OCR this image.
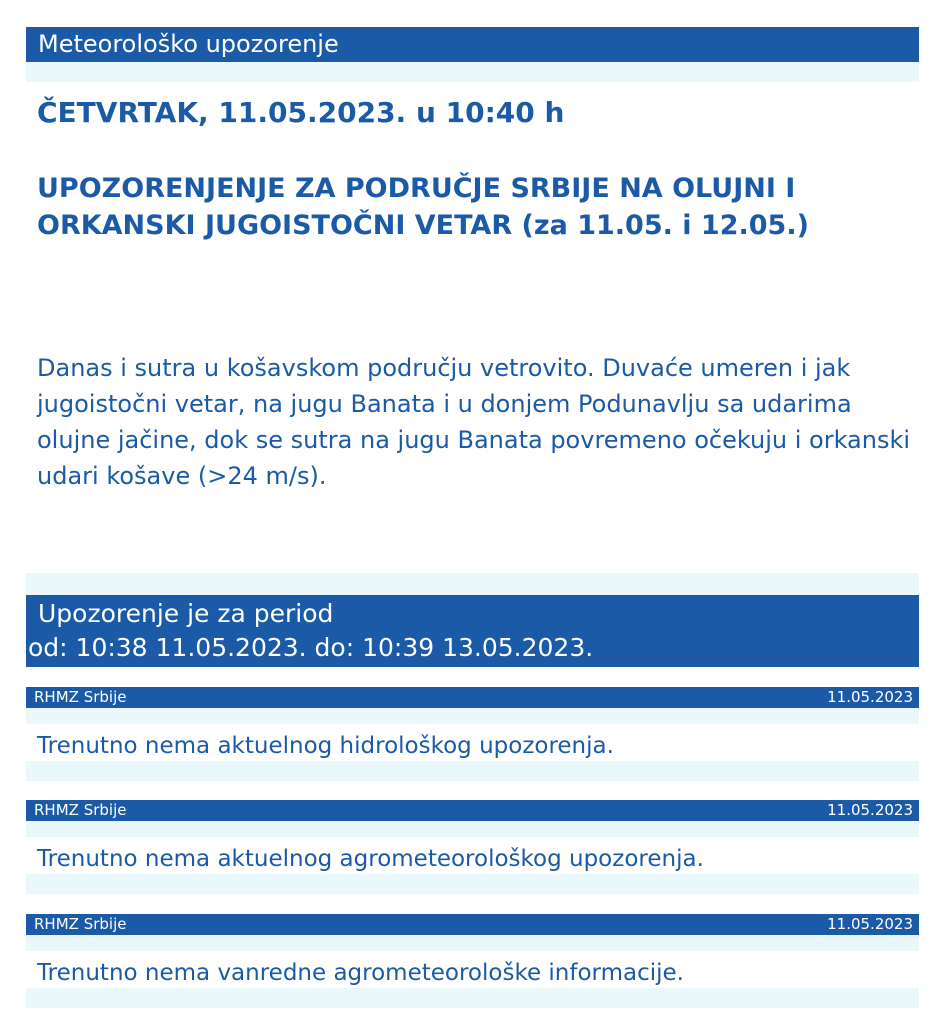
Meteorološko upozorenje
ČETVRTAK, 11.05.2023. u 10:40 h
UPOZORENJENJE ZA PODRUČJE SRBIJE NA OLUJNI I ORKANSKI JUGOISTOČNI VETAR (za 11.05. i 12.05.)
Danas i sutra u košavskom području vetrovito. Duvaće umeren i jak jugoistočni vetar, na jugu Banata i u donjem Podunavlju sa udarima olujne jačine, dok se sutra na jugu Banata povremeno očekuju i orkanski udari košave (>24 m/s).
Upozorenje je za period
od: 10:38 11.05.2023. do: 10:39 13.05.2023.
RHMZ Srbije	11.05.2023
Trenutno nema aktuelnog hidrološkog upozorenja.
RHMZ Srbije	11.05.2023
Trenutno nema aktuelnog agrometeorološkog upozorenja.
RHMZ Srbije	11.05.2023
Trenutno nema vanredne agrometeorološke informacije.
